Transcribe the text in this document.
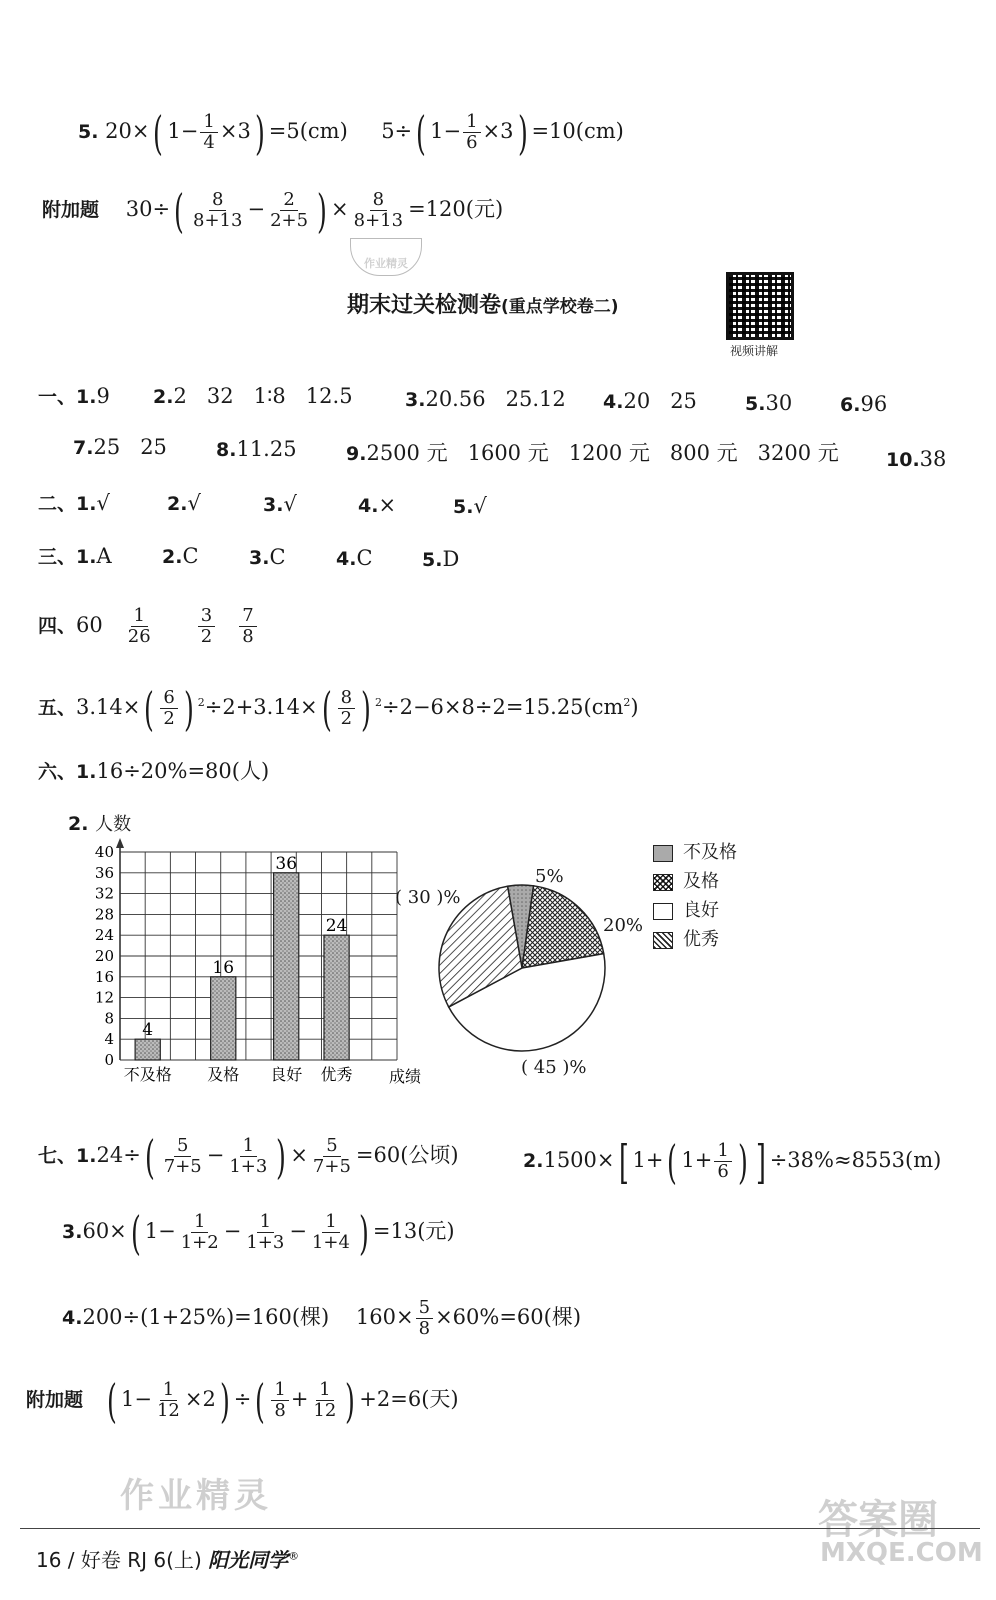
5. 20×( $1- \frac{1}{4} \times 3) =5(cm)$ 5÷( $1- \frac{1}{6} \times 3) =10(cm)$
附加题 $30\div( \frac{8}{8+13} - \frac{2}{2+5}$ ) × $\frac{8}{8+13} =120$(元)
作业精灵
期末过关检测卷(重点学校卷二)
视频讲解
一、 1.9 2.2   32   1∶8   12.5	3.20.56   25.12 4.20   25	5.30	6.96
7.25   25	8.11.25	9.2500 元   1600 元   1200 元   800 元   3200 元 10.38
二、1.√	2.√	3.√	4.×	5.√
三、1.A	2.C	3.C	4.C	5.D
四、$60 \frac{1}{26}$
$\frac{3}{2}$
$\frac{7}{8}$
五、$3.14\times( \frac{6}{2}$ ) $^2\div 2+3.14\times( \frac{8}{2}$ ) $^2\div 2-6\times 8\div 2=15.25(cm^2)$
六、1.16÷20%=80(人)
2. 人数
4
16
36
24
0
4
8
12
16
20
24
28
32
36
40
不及格 及格 良好 优秀 成绩
( 30 )%
5%
20%
( 45 )%
不及格
及格
良好
优秀
七、$1.24\div( \frac{5}{7+5} - \frac{1}{1+3}$ ) × $\frac{5}{7+5} =60$(公顷)	2.1500×[ 1+( $1+ \frac{1}{6}$ ) ] ÷38%≈8553(m)
3.60×( $1- \frac{1}{1+2} - \frac{1}{1+3} - \frac{1}{1+4}$ ) =13(元)
4.200÷(1+25%)=160(棵) $160\times \frac{5}{8} \times 60\%=60$(棵)
附加题 ( $1- \frac{1}{12} \times 2$) ÷( $\frac{1}{8} + \frac{1}{12}$ ) +2=6(天)
作业精灵
答案圈
MXQE.COM
16 / 好卷 RJ 6(上) 阳光同学®
